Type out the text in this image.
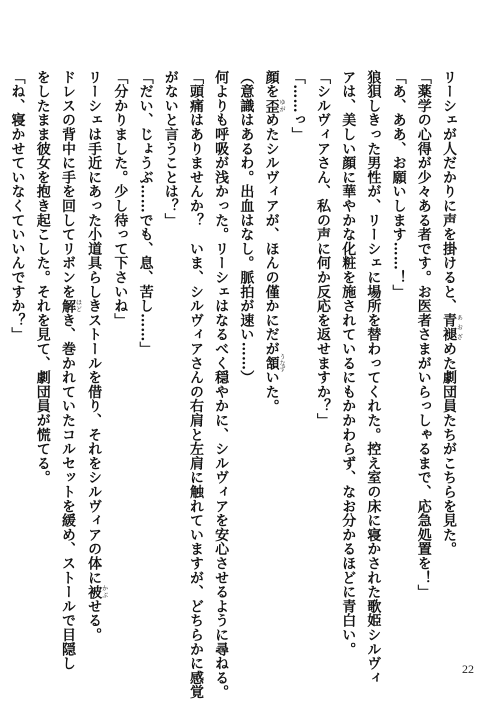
リーシェが人だかりに声を掛けると、青褪あおざめた劇団員たちがこちらを見た。
「薬学の心得が少々ある者です。お医者さまがいらっしゃるまで、応急処置を！」
「あ、ああ、お願いします……！」
狼狽しきった男性が、リーシェに場所を替わってくれた。控え室の床に寝かされた歌姫シルヴィ
アは、美しい顔に華やかな化粧を施されているにもかかわらず、なお分かるほどに青白い。
「シルヴィアさん、私の声に何か反応を返せますか？」
「……っ」
顔を歪ゆがめたシルヴィアが、ほんの僅かにだが頷うなずいた。
（意識はあるわ。出血はなし。脈拍が速い……）
何よりも呼吸が浅かった。リーシェはなるべく穏やかに、シルヴィアを安心させるように尋ねる。
「頭痛はありませんか？　いま、シルヴィアさんの右肩と左肩に触れていますが、どちらかに感覚
がないと言うことは？」
「だい、じょうぶ……でも、息、苦し……」
「分かりました。少し待って下さいね」
リーシェは手近にあった小道具らしきストールを借り、それをシルヴィアの体に被かぶせる。
ドレスの背中に手を回してリボンを解ほどき、巻かれていたコルセットを緩め、ストールで目隠し
をしたまま彼女を抱き起こした。それを見て、劇団員が慌てる。
「ね、寝かせていなくていいんですか？」
22
